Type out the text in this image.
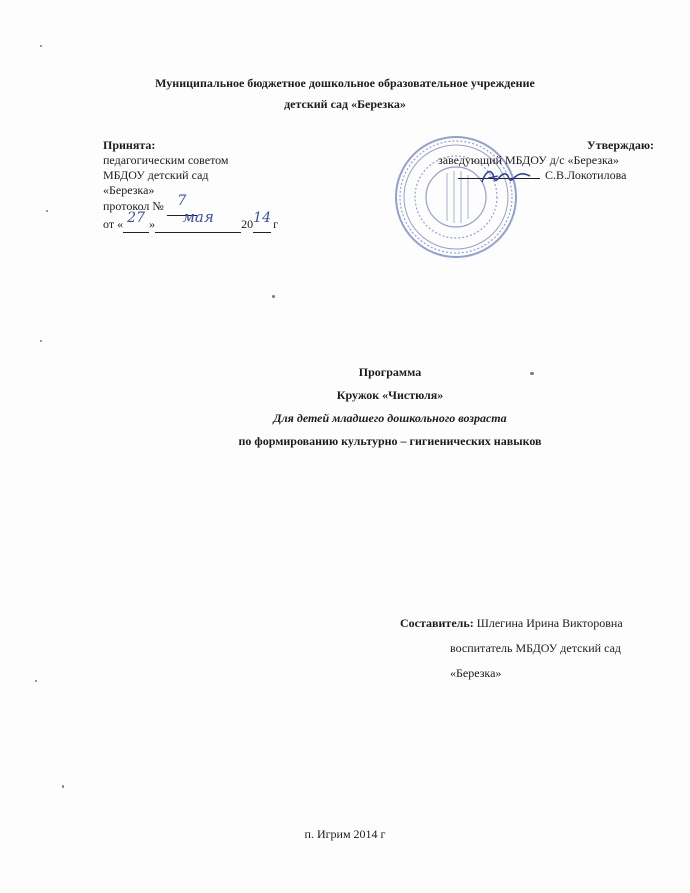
Муниципальное бюджетное дошкольное образовательное учреждение
детский сад «Березка»
Принята:
педагогическим советом
МБДОУ детский сад
«Березка»
протокол № 7
от « 27 » мая 2014 г
Утверждаю:
заведующий МБДОУ д/с «Березка»
С.В.Локотилова
Программа
Кружок «Чистюля»
Для детей младшего дошкольного возраста
по формированию культурно – гигиенических навыков
Составитель: Шлегина Ирина Викторовна
воспитатель МБДОУ детский сад
«Березка»
п. Игрим 2014 г
